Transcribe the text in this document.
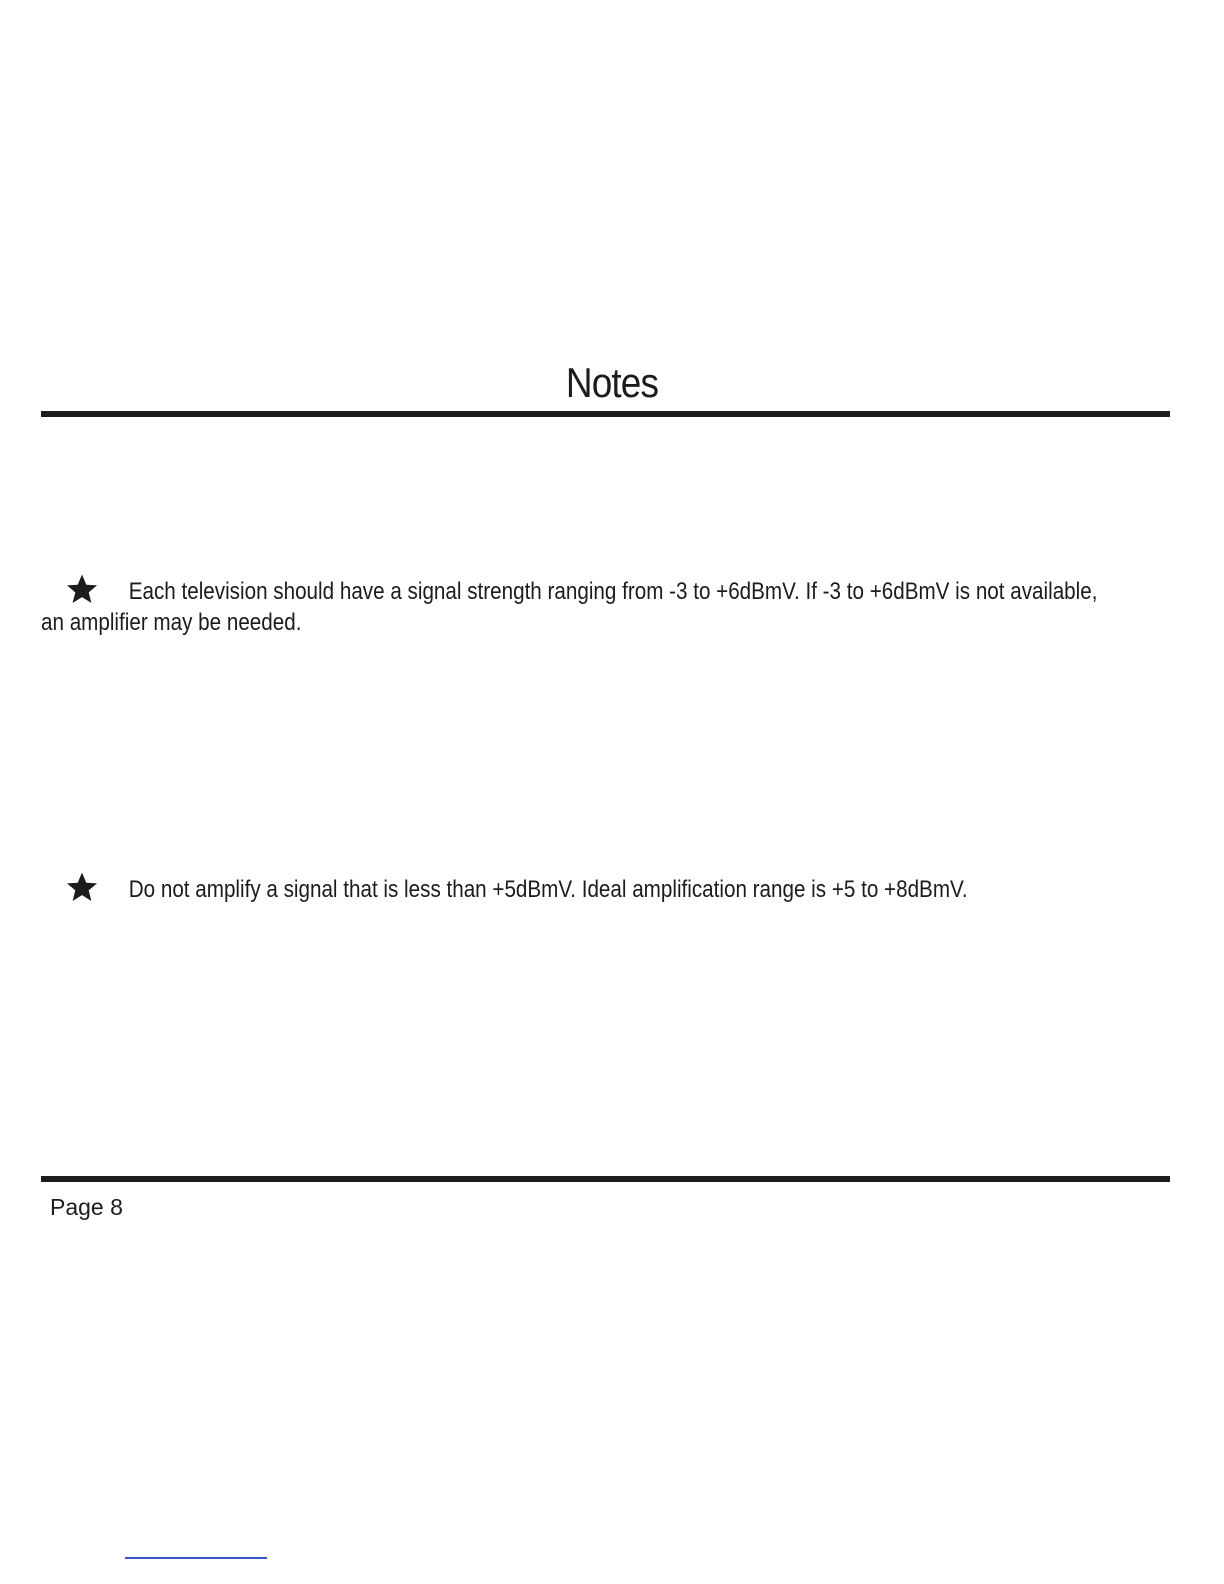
Notes
Each television should have a signal strength ranging from -3 to +6dBmV. If -3 to +6dBmV is not available,
an amplifier may be needed.
Do not amplify a signal that is less than +5dBmV. Ideal amplification range is +5 to +8dBmV.
Page 8
